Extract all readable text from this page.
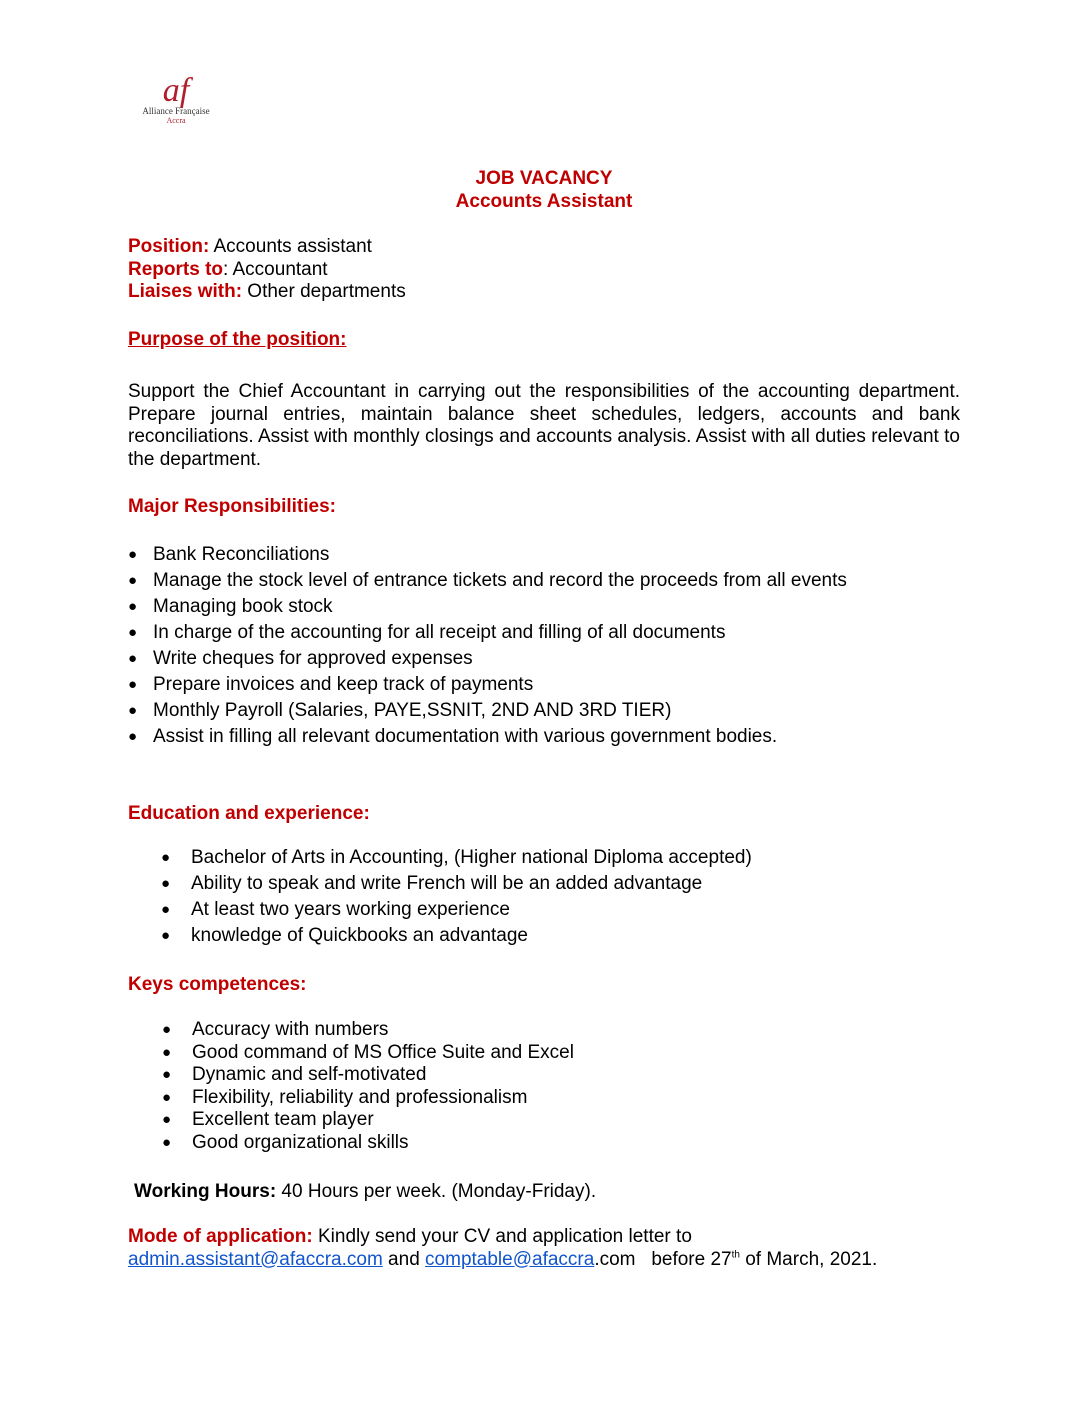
af
Alliance Française
Accra
JOB VACANCY
Accounts Assistant
Position: Accounts assistant
Reports to: Accountant
Liaises with: Other departments
Purpose of the position:
Support the Chief Accountant in carrying out the responsibilities of the accounting department. Prepare journal entries, maintain balance sheet schedules, ledgers, accounts and bank reconciliations. Assist with monthly closings and accounts analysis. Assist with all duties relevant to the department.
Major Responsibilities:
● Bank Reconciliations
● Manage the stock level of entrance tickets and record the proceeds from all events
● Managing book stock
● In charge of the accounting for all receipt and filling of all documents
● Write cheques for approved expenses
● Prepare invoices and keep track of payments
● Monthly Payroll (Salaries, PAYE,SSNIT, 2ND AND 3RD TIER)
● Assist in filling all relevant documentation with various government bodies.
Education and experience:
● Bachelor of Arts in Accounting, (Higher national Diploma accepted)
● Ability to speak and write French will be an added advantage
● At least two years working experience
● knowledge of Quickbooks an advantage
Keys competences:
● Accuracy with numbers
● Good command of MS Office Suite and Excel
● Dynamic and self-motivated
● Flexibility, reliability and professionalism
● Excellent team player
● Good organizational skills
Working Hours: 40 Hours per week. (Monday-Friday).
Mode of application: Kindly send your CV and application letter to
admin.assistant@afaccra.com and comptable@afaccra.com   before 27th of March, 2021.
